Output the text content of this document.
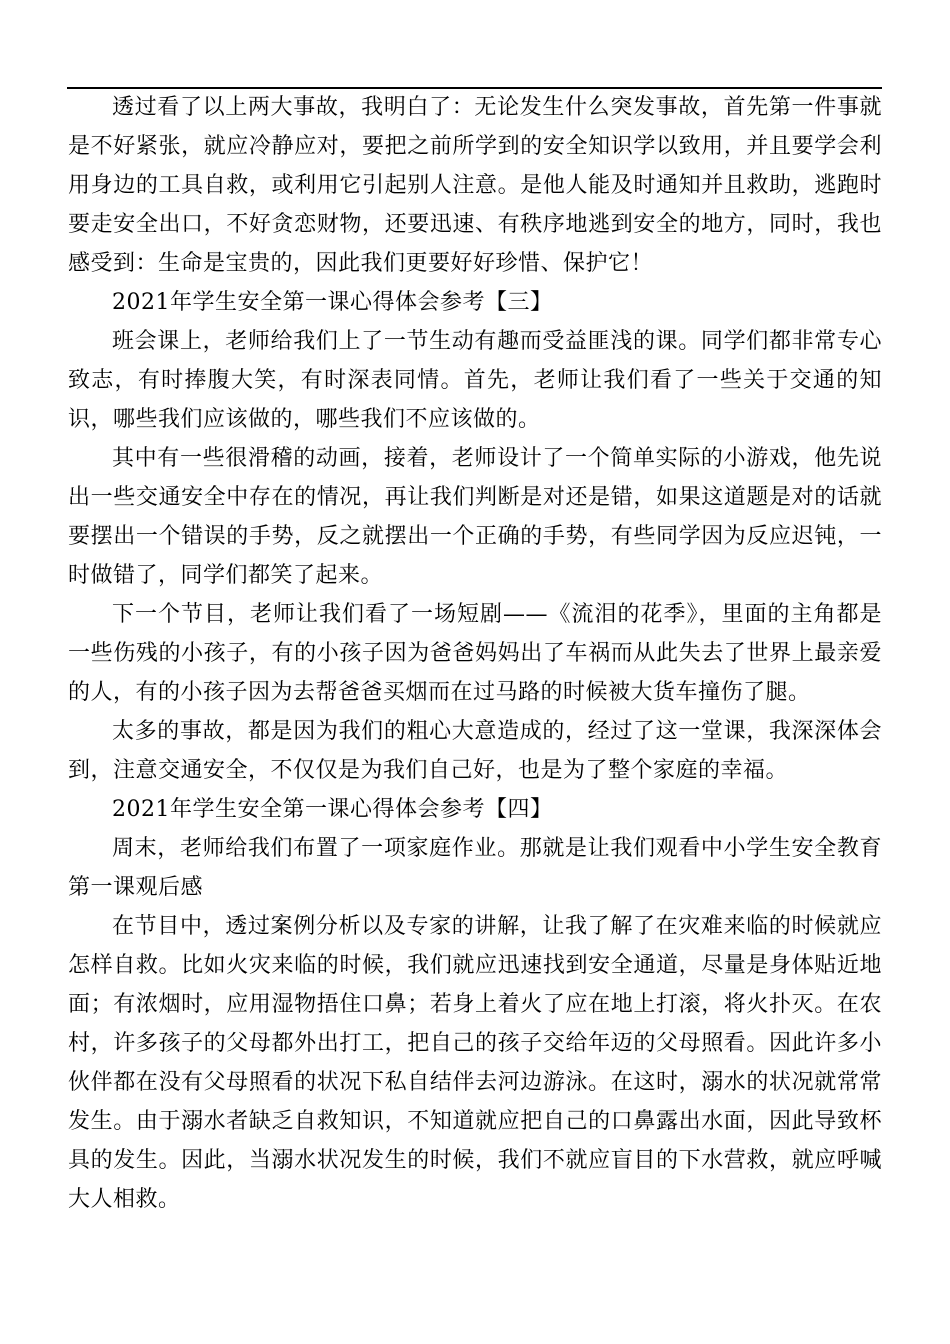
透过看了以上两大事故，我明白了：无论发生什么突发事故，首先第一件事就是不好紧张，就应冷静应对，要把之前所学到的安全知识学以致用，并且要学会利用身边的工具自救，或利用它引起别人注意。是他人能及时通知并且救助，逃跑时要走安全出口，不好贪恋财物，还要迅速、有秩序地逃到安全的地方，同时，我也感受到：生命是宝贵的，因此我们更要好好珍惜、保护它！

2021年学生安全第一课心得体会参考【三】

班会课上，老师给我们上了一节生动有趣而受益匪浅的课。同学们都非常专心致志，有时捧腹大笑，有时深表同情。首先，老师让我们看了一些关于交通的知识，哪些我们应该做的，哪些我们不应该做的。

其中有一些很滑稽的动画，接着，老师设计了一个简单实际的小游戏，他先说出一些交通安全中存在的情况，再让我们判断是对还是错，如果这道题是对的话就要摆出一个错误的手势，反之就摆出一个正确的手势，有些同学因为反应迟钝，一时做错了，同学们都笑了起来。

下一个节目，老师让我们看了一场短剧——《流泪的花季》，里面的主角都是一些伤残的小孩子，有的小孩子因为爸爸妈妈出了车祸而从此失去了世界上最亲爱的人，有的小孩子因为去帮爸爸买烟而在过马路的时候被大货车撞伤了腿。

太多的事故，都是因为我们的粗心大意造成的，经过了这一堂课，我深深体会到，注意交通安全，不仅仅是为我们自己好，也是为了整个家庭的幸福。

2021年学生安全第一课心得体会参考【四】

周末，老师给我们布置了一项家庭作业。那就是让我们观看中小学生安全教育第一课观后感

在节目中，透过案例分析以及专家的讲解，让我了解了在灾难来临的时候就应怎样自救。比如火灾来临的时候，我们就应迅速找到安全通道，尽量是身体贴近地面；有浓烟时，应用湿物捂住口鼻；若身上着火了应在地上打滚，将火扑灭。在农村，许多孩子的父母都外出打工，把自己的孩子交给年迈的父母照看。因此许多小伙伴都在没有父母照看的状况下私自结伴去河边游泳。在这时，溺水的状况就常常发生。由于溺水者缺乏自救知识，不知道就应把自己的口鼻露出水面，因此导致杯具的发生。因此，当溺水状况发生的时候，我们不就应盲目的下水营救，就应呼喊大人相救。
